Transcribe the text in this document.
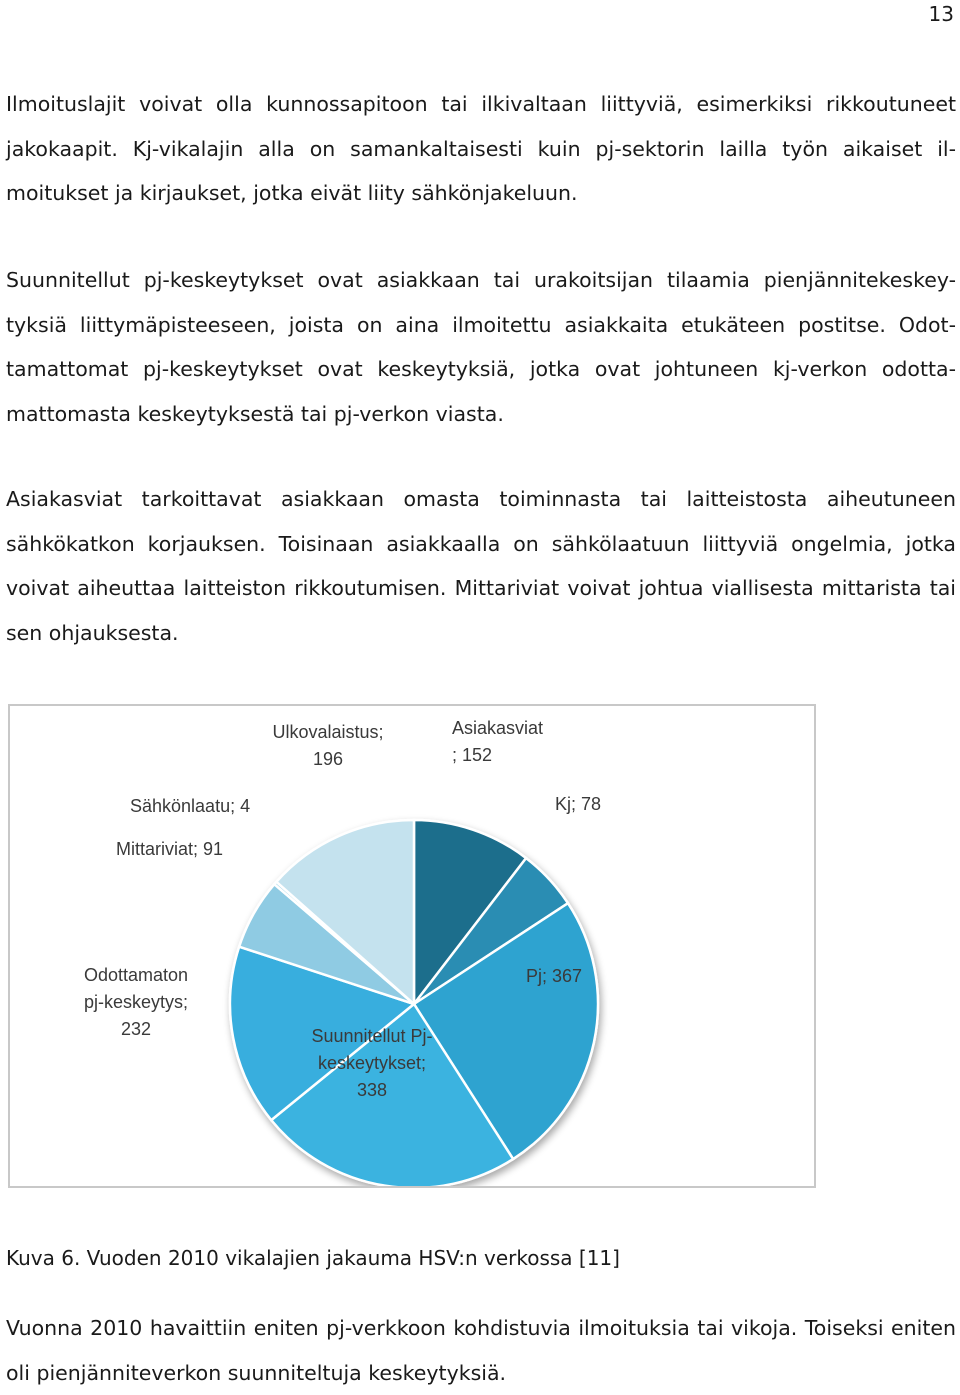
13

Ilmoituslajit voivat olla kunnossapitoon tai ilkivaltaan liittyviä, esimerkiksi rikkoutuneet jakokaapit. Kj-vikalajin alla on samankaltaisesti kuin pj-sektorin lailla työn aikaiset il-moitukset ja kirjaukset, jotka eivät liity sähkönjakeluun.

Suunnitellut pj-keskeytykset ovat asiakkaan tai urakoitsijan tilaamia pienjännitekeskey-tyksiä liittymäpisteeseen, joista on aina ilmoitettu asiakkaita etukäteen postitse. Odot-tamattomat pj-keskeytykset ovat keskeytyksiä, jotka ovat johtuneen kj-verkon odotta-mattomasta keskeytyksestä tai pj-verkon viasta.

Asiakasviat tarkoittavat asiakkaan omasta toiminnasta tai laitteistosta aiheutuneen sähkökatkon korjauksen. Toisinaan asiakkaalla on sähkölaatuun liittyviä ongelmia, jotka voivat aiheuttaa laitteiston rikkoutumisen. Mittariviat voivat johtua viallisesta mittarista tai sen ohjauksesta.

Asiakasviat ; 152
Kj; 78
Pj; 367
Suunnitellut Pj-keskeytykset; 338
Odottamaton pj-keskeytys; 232
Mittariviat; 91
Sähkönlaatu; 4
Ulkovalaistus; 196

Kuva 6. Vuoden 2010 vikalajien jakauma HSV:n verkossa [11]

Vuonna 2010 havaittiin eniten pj-verkkoon kohdistuvia ilmoituksia tai vikoja. Toiseksi eniten oli pienjänniteverkon suunniteltuja keskeytyksiä.
